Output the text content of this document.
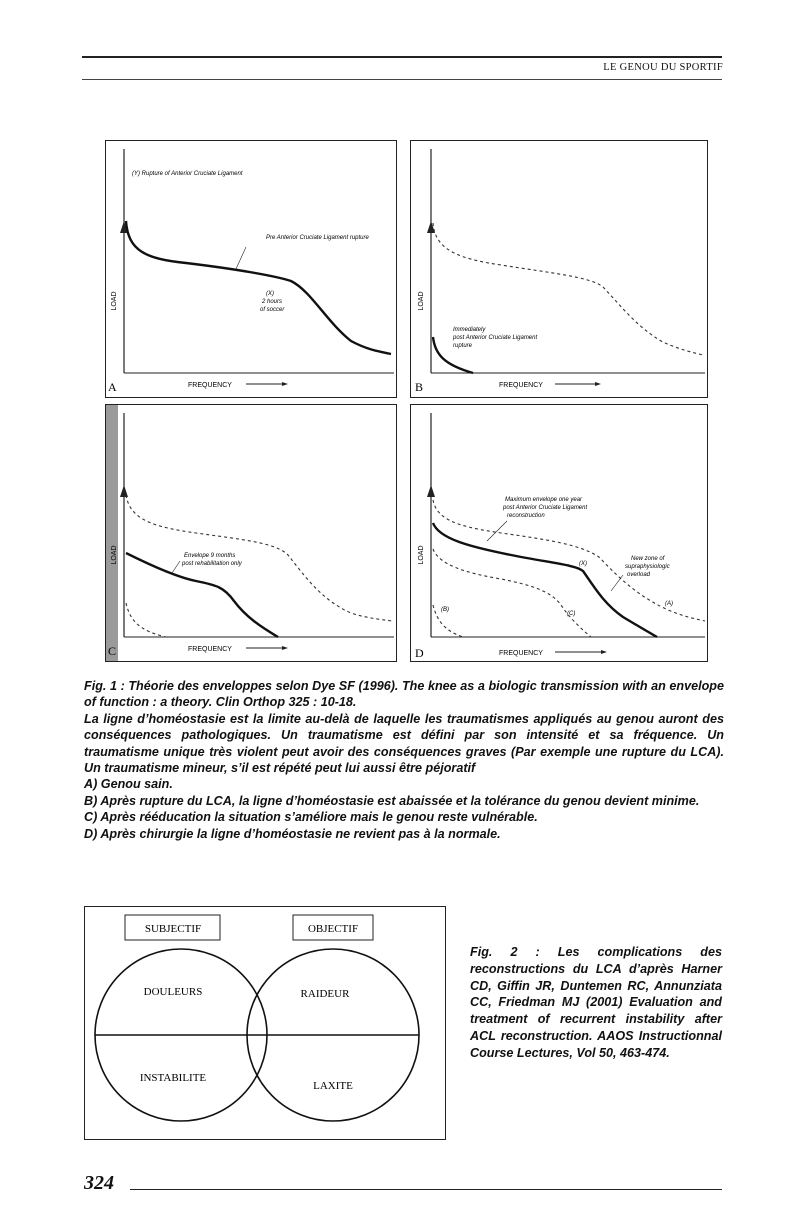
LE GENOU DU SPORTIF
LOAD
(Y) Rupture of Anterior Cruciate Ligament
Pre Anterior Cruciate Ligament rupture
(X)
2 hours
of soccer
FREQUENCY
A
LOAD
Immediately
post Anterior Cruciate Ligament
rupture
FREQUENCY
B
LOAD	Envelope 9 months
post rehabilitation only
FREQUENCY
C
LOAD
Maximum envelope one year
post Anterior Cruciate Ligament
reconstruction
(X)
New zone of
supraphysiologic
overload
(A)
(B)
(C)
FREQUENCY
D

Fig. 1 : Théorie des enveloppes selon Dye SF (1996). The knee as a biologic transmission with an envelope of function : a theory. Clin Orthop 325 : 10-18.

La ligne d’homéostasie est la limite au-delà de laquelle les traumatismes appliqués au genou auront des conséquences pathologiques. Un traumatisme est défini par son intensité et sa fréquence. Un traumatisme unique très violent peut avoir des conséquences graves (Par exemple une rupture du LCA). Un traumatisme mineur, s’il est répété peut lui aussi être péjoratif

A) Genou sain.

B) Après rupture du LCA, la ligne d’homéostasie est abaissée et la tolérance du genou devient minime.

C) Après rééducation la situation s’améliore mais le genou reste vulnérable.

D) Après chirurgie la ligne d’homéostasie ne revient pas à la normale.

SUBJECTIF	OBJECTIF
DOULEURS	RAIDEUR
INSTABILITE
LAXITE
Fig. 2 : Les complications des reconstructions du LCA d’après Harner CD, Giffin JR, Duntemen RC, Annunziata CC, Friedman MJ (2001) Evaluation and treatment of recurrent instability after ACL reconstruction. AAOS Instructionnal Course Lectures, Vol 50, 463-474.
324
